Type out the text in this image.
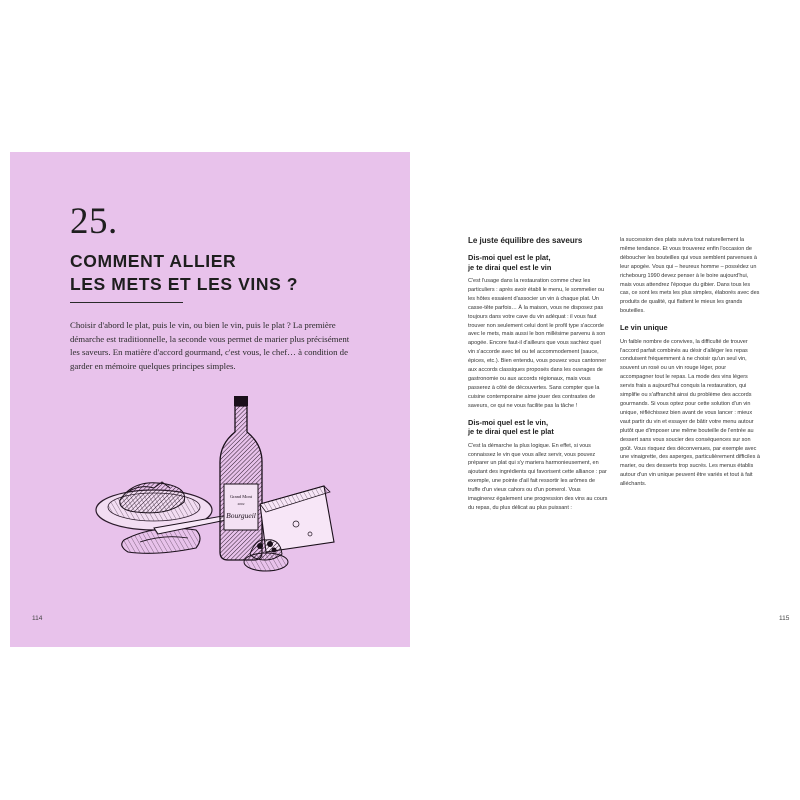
25.
COMMENT ALLIER
LES METS ET LES VINS ?

Choisir d'abord le plat, puis le vin, ou bien le vin, puis le plat ? La première démarche est traditionnelle, la seconde vous permet de marier plus précisément les saveurs. En matière d'accord gourmand, c'est vous, le chef… à condition de garder en mémoire quelques principes simples.

Grand Mont
2002
Bourgueil
114
Le juste équilibre des saveurs
Dis-moi quel est le plat,
je te dirai quel est le vin

C'est l'usage dans la restauration comme chez les particuliers : après avoir établi le menu, le sommelier ou les hôtes essaient d'associer un vin à chaque plat. Un casse-tête parfois… À la maison, vous ne disposez pas toujours dans votre cave du vin adéquat : il vous faut trouver non seulement celui dont le profil type s'accorde avec le mets, mais aussi le bon millésime parvenu à son apogée. Encore faut-il d'ailleurs que vous sachiez quel vin s'accorde avec tel ou tel accommodement (sauce, épices, etc.). Bien entendu, vous pouvez vous cantonner aux accords classiques proposés dans les ouvrages de gastronomie ou aux accords régionaux, mais vous passerez à côté de découvertes. Sans compter que la cuisine contemporaine aime jouer des contrastes de saveurs, ce qui ne vous facilite pas la tâche !

Dis-moi quel est le vin,
je te dirai quel est le plat

C'est la démarche la plus logique. En effet, si vous connaissez le vin que vous allez servir, vous pouvez préparer un plat qui s'y mariera harmonieusement, en ajoutant des ingrédients qui favorisent cette alliance : par exemple, une pointe d'ail fait ressortir les arômes de truffe d'un vieux cahors ou d'un pomerol. Vous imaginerez également une progression des vins au cours du repas, du plus délicat au plus puissant :

la succession des plats suivra tout naturellement la même tendance. Et vous trouverez enfin l'occasion de déboucher les bouteilles qui vous semblent parvenues à leur apogée. Vous qui – heureux homme – possédez un richebourg 1990 devez penser à le boire aujourd'hui, mais vous attendrez l'époque du gibier. Dans tous les cas, ce sont les mets les plus simples, élaborés avec des produits de qualité, qui flattent le mieux les grands bouteilles.

Le vin unique

Un faible nombre de convives, la difficulté de trouver l'accord parfait combinés au désir d'alléger les repas conduisent fréquemment à ne choisir qu'un seul vin, souvent un rosé ou un vin rouge léger, pour accompagner tout le repas. La mode des vins légers servis frais a aujourd'hui conquis la restauration, qui simplifie ou s'affranchit ainsi du problème des accords gourmands. Si vous optez pour cette solution d'un vin unique, réfléchissez bien avant de vous lancer : mieux vaut partir du vin et essayer de bâtir votre menu autour plutôt que d'imposer une même bouteille de l'entrée au dessert sans vous soucier des conséquences sur son goût. Vous risquez des déconvenues, par exemple avec une vinaigrette, des asperges, particulièrement difficiles à marier, ou des desserts trop sucrés. Les menus établis autour d'un vin unique peuvent être variés et tout à fait alléchants.

115
